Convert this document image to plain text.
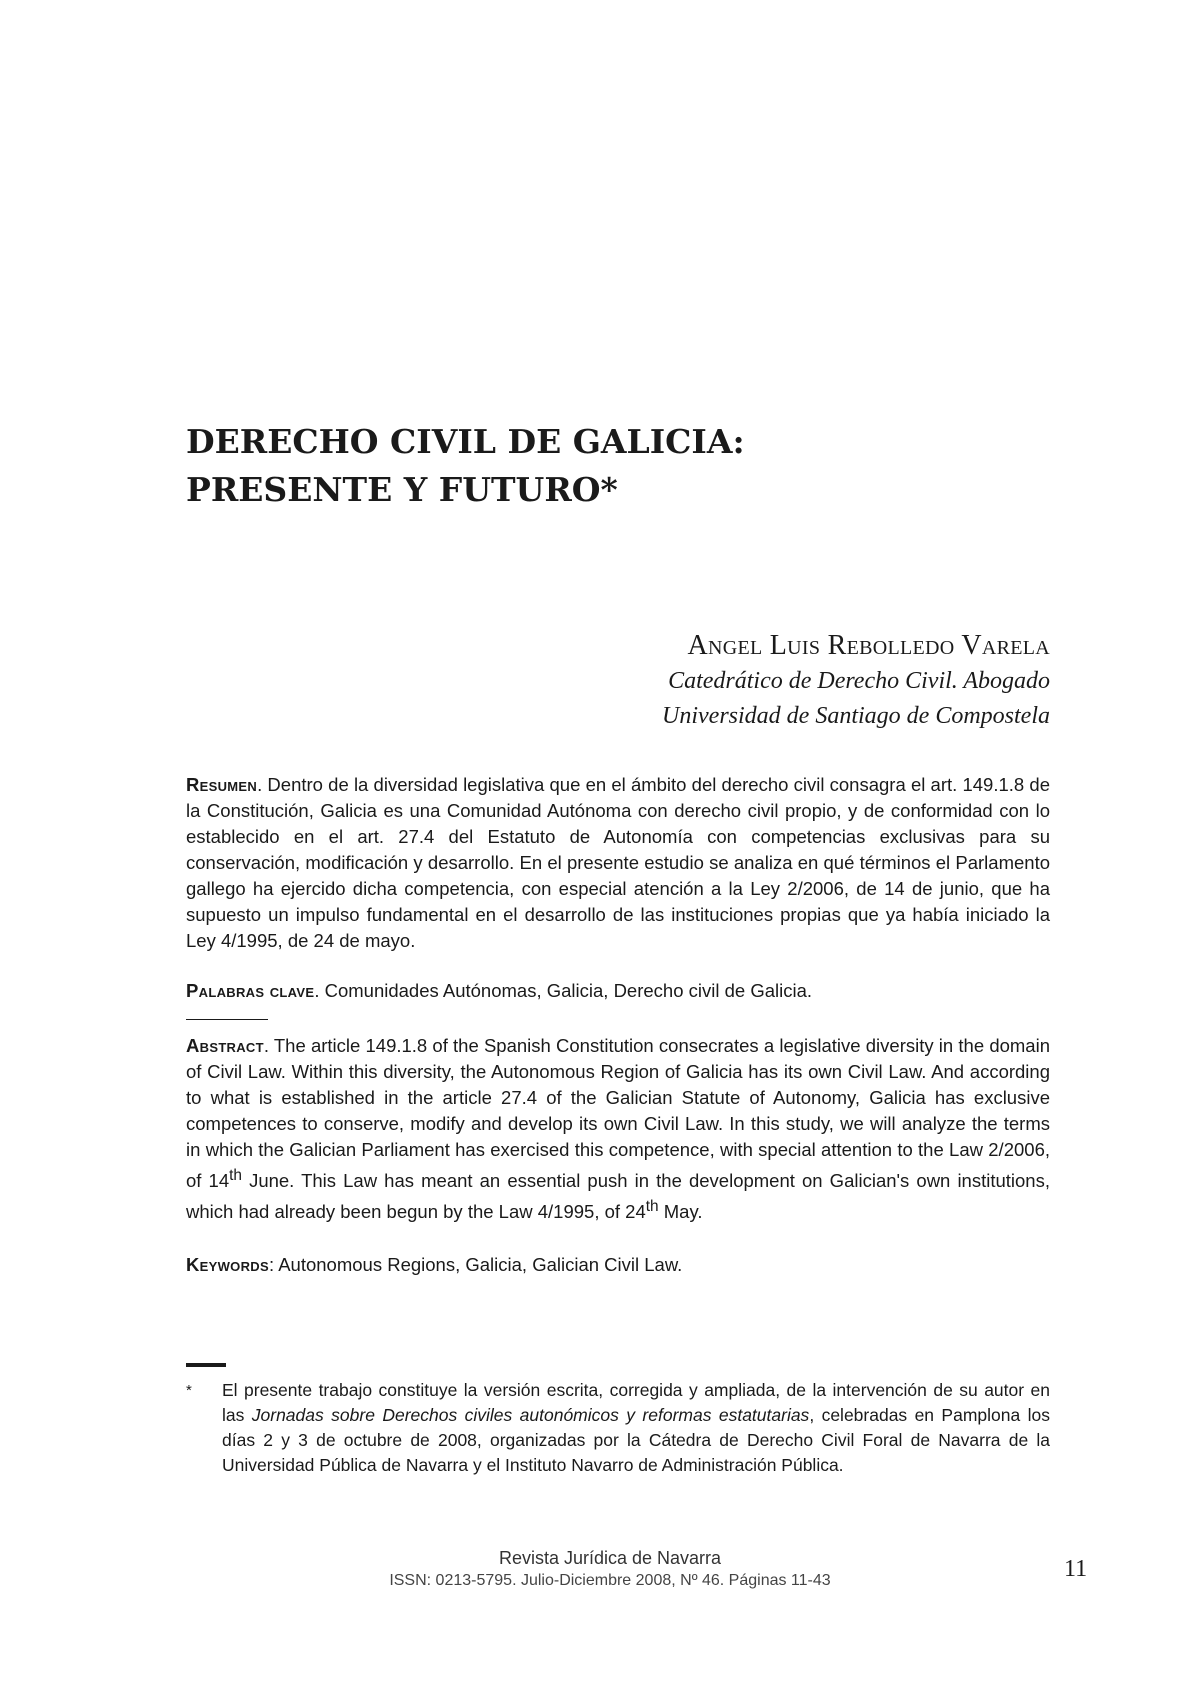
DERECHO CIVIL DE GALICIA:
PRESENTE Y FUTURO*
Angel Luis Rebolledo Varela
Catedrático de Derecho Civil. Abogado
Universidad de Santiago de Compostela

Resumen. Dentro de la diversidad legislativa que en el ámbito del derecho civil consagra el art. 149.1.8 de la Constitución, Galicia es una Comunidad Autónoma con derecho civil propio, y de conformidad con lo establecido en el art. 27.4 del Estatuto de Autonomía con competencias exclusivas para su conservación, modificación y desarrollo. En el presente estudio se analiza en qué términos el Parlamento gallego ha ejercido dicha competencia, con especial atención a la Ley 2/2006, de 14 de junio, que ha supuesto un impulso fundamental en el desarrollo de las instituciones propias que ya había iniciado la Ley 4/1995, de 24 de mayo.

Palabras clave. Comunidades Autónomas, Galicia, Derecho civil de Galicia.

Abstract. The article 149.1.8 of the Spanish Constitution consecrates a legislative diversity in the domain of Civil Law. Within this diversity, the Autonomous Region of Galicia has its own Civil Law. And according to what is established in the article 27.4 of the Galician Statute of Autonomy, Galicia has exclusive competences to conserve, modify and develop its own Civil Law. In this study, we will analyze the terms in which the Galician Parliament has exercised this competence, with special attention to the Law 2/2006, of 14th June. This Law has meant an essential push in the development on Galician's own institutions, which had already been begun by the Law 4/1995, of 24th May.

Keywords: Autonomous Regions, Galicia, Galician Civil Law.

* El presente trabajo constituye la versión escrita, corregida y ampliada, de la intervención de su autor en las Jornadas sobre Derechos civiles autonómicos y reformas estatutarias, celebradas en Pamplona los días 2 y 3 de octubre de 2008, organizadas por la Cátedra de Derecho Civil Foral de Navarra de la Universidad Pública de Navarra y el Instituto Navarro de Administración Pública.
Revista Jurídica de Navarra
ISSN: 0213-5795. Julio-Diciembre 2008, Nº 46. Páginas 11-43	11
